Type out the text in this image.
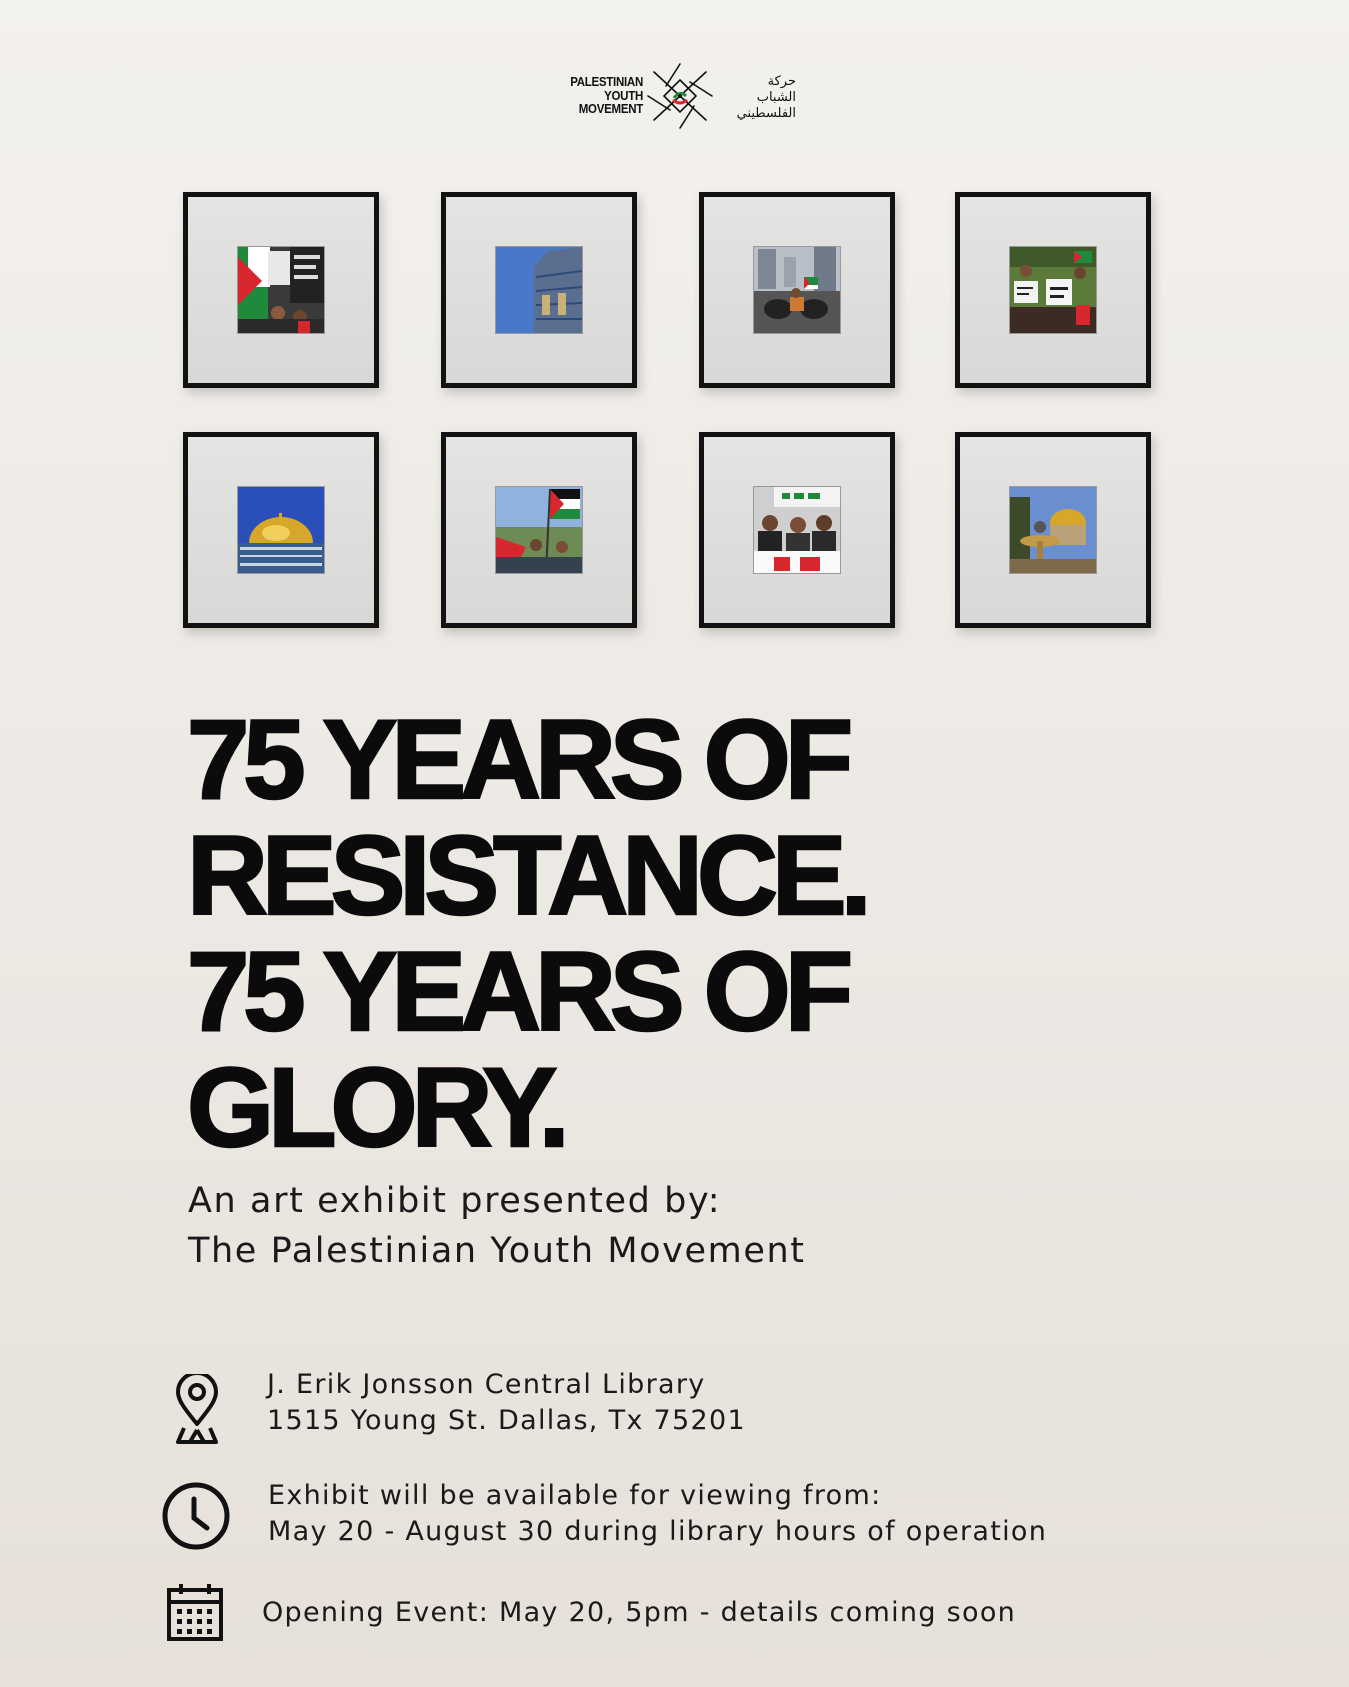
PALESTINIAN
YOUTH
MOVEMENT
حركة
الشباب
الفلسطيني
75 YEARS OF
RESISTANCE.
75 YEARS OF
GLORY.
An art exhibit presented by:
The Palestinian Youth Movement
J. Erik Jonsson Central Library
1515 Young St. Dallas, Tx 75201
Exhibit will be available for viewing from:
May 20 - August 30 during library hours of operation
Opening Event: May 20, 5pm - details coming soon
